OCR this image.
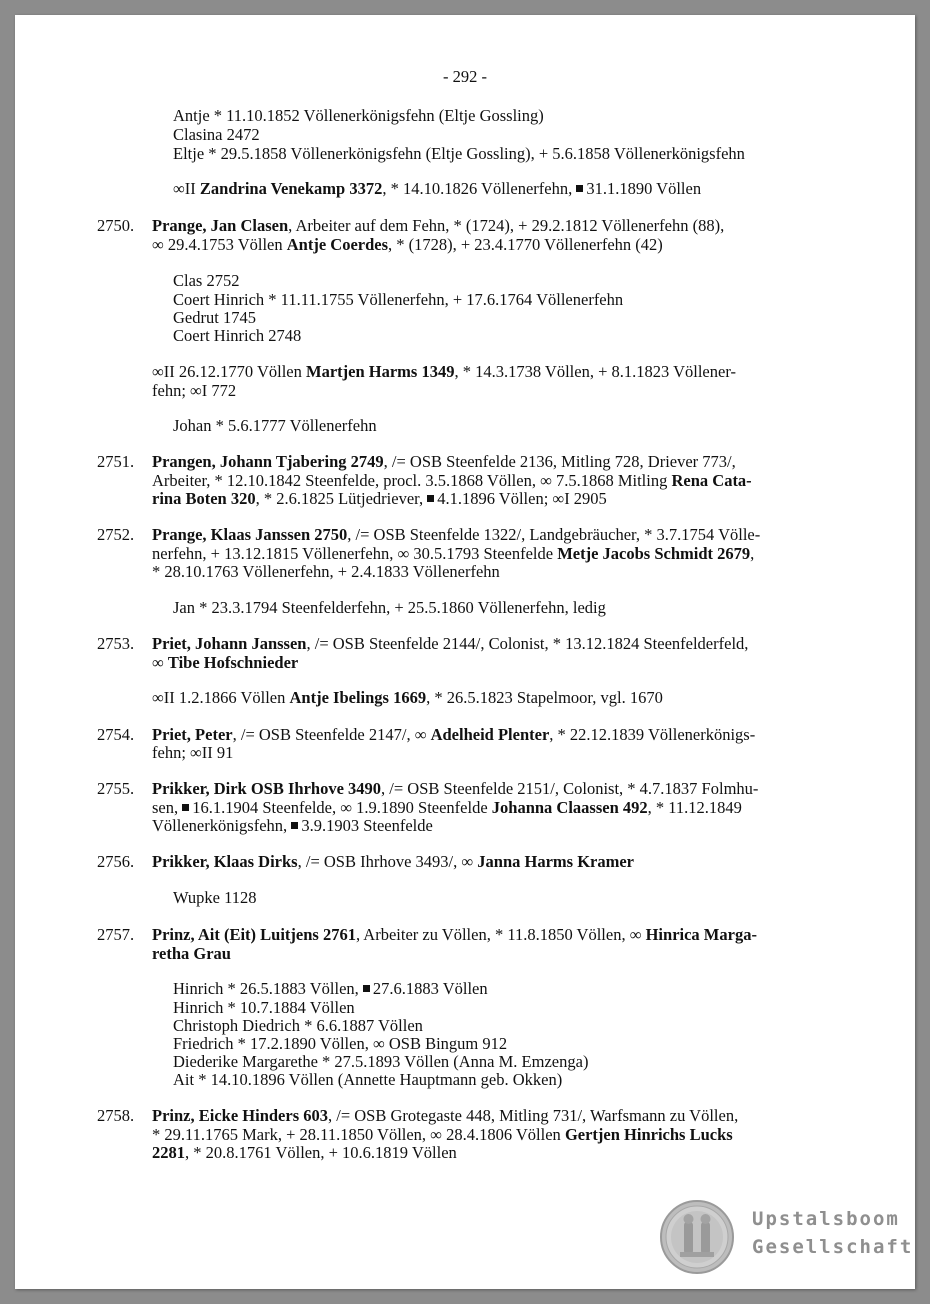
- 292 -
Antje * 11.10.1852 Völlenerkönigsfehn (Eltje Gossling)
Clasina 2472
Eltje * 29.5.1858 Völlenerkönigsfehn (Eltje Gossling), + 5.6.1858 Völlenerkönigsfehn
∞II Zandrina Venekamp 3372, * 14.10.1826 Völlenerfehn, 31.1.1890 Völlen
2750. Prange, Jan Clasen, Arbeiter auf dem Fehn, * (1724), + 29.2.1812 Völlenerfehn (88),
∞ 29.4.1753 Völlen Antje Coerdes, * (1728), + 23.4.1770 Völlenerfehn (42)
Clas 2752
Coert Hinrich * 11.11.1755 Völlenerfehn, + 17.6.1764 Völlenerfehn
Gedrut 1745
Coert Hinrich 2748
∞II 26.12.1770 Völlen Martjen Harms 1349, * 14.3.1738 Völlen, + 8.1.1823 Völlener-
fehn; ∞I 772
Johan * 5.6.1777 Völlenerfehn
2751. Prangen, Johann Tjabering 2749, /= OSB Steenfelde 2136, Mitling 728, Driever 773/,
Arbeiter, * 12.10.1842 Steenfelde, procl. 3.5.1868 Völlen, ∞ 7.5.1868 Mitling Rena Cata-
rina Boten 320, * 2.6.1825 Lütjedriever, 4.1.1896 Völlen; ∞I 2905
2752. Prange, Klaas Janssen 2750, /= OSB Steenfelde 1322/, Landgebräucher, * 3.7.1754 Völle-
nerfehn, + 13.12.1815 Völlenerfehn, ∞ 30.5.1793 Steenfelde Metje Jacobs Schmidt 2679,
* 28.10.1763 Völlenerfehn, + 2.4.1833 Völlenerfehn
Jan * 23.3.1794 Steenfelderfehn, + 25.5.1860 Völlenerfehn, ledig
2753. Priet, Johann Janssen, /= OSB Steenfelde 2144/, Colonist, * 13.12.1824 Steenfelderfeld,
∞ Tibe Hofschnieder
∞II 1.2.1866 Völlen Antje Ibelings 1669, * 26.5.1823 Stapelmoor, vgl. 1670
2754. Priet, Peter, /= OSB Steenfelde 2147/, ∞ Adelheid Plenter, * 22.12.1839 Völlenerkönigs-
fehn; ∞II 91
2755. Prikker, Dirk OSB Ihrhove 3490, /= OSB Steenfelde 2151/, Colonist, * 4.7.1837 Folmhu-
sen, 16.1.1904 Steenfelde, ∞ 1.9.1890 Steenfelde Johanna Claassen 492, * 11.12.1849
Völlenerkönigsfehn, 3.9.1903 Steenfelde
2756. Prikker, Klaas Dirks, /= OSB Ihrhove 3493/, ∞ Janna Harms Kramer
Wupke 1128
2757. Prinz, Ait (Eit) Luitjens 2761, Arbeiter zu Völlen, * 11.8.1850 Völlen, ∞ Hinrica Marga-
retha Grau
Hinrich * 26.5.1883 Völlen, 27.6.1883 Völlen
Hinrich * 10.7.1884 Völlen
Christoph Diedrich * 6.6.1887 Völlen
Friedrich * 17.2.1890 Völlen, ∞ OSB Bingum 912
Diederike Margarethe * 27.5.1893 Völlen (Anna M. Emzenga)
Ait * 14.10.1896 Völlen (Annette Hauptmann geb. Okken)
2758. Prinz, Eicke Hinders 603, /= OSB Grotegaste 448, Mitling 731/, Warfsmann zu Völlen,
* 29.11.1765 Mark, + 28.11.1850 Völlen, ∞ 28.4.1806 Völlen Gertjen Hinrichs Lucks
2281, * 20.8.1761 Völlen, + 10.6.1819 Völlen
Upstalsboom
Gesellschaft
